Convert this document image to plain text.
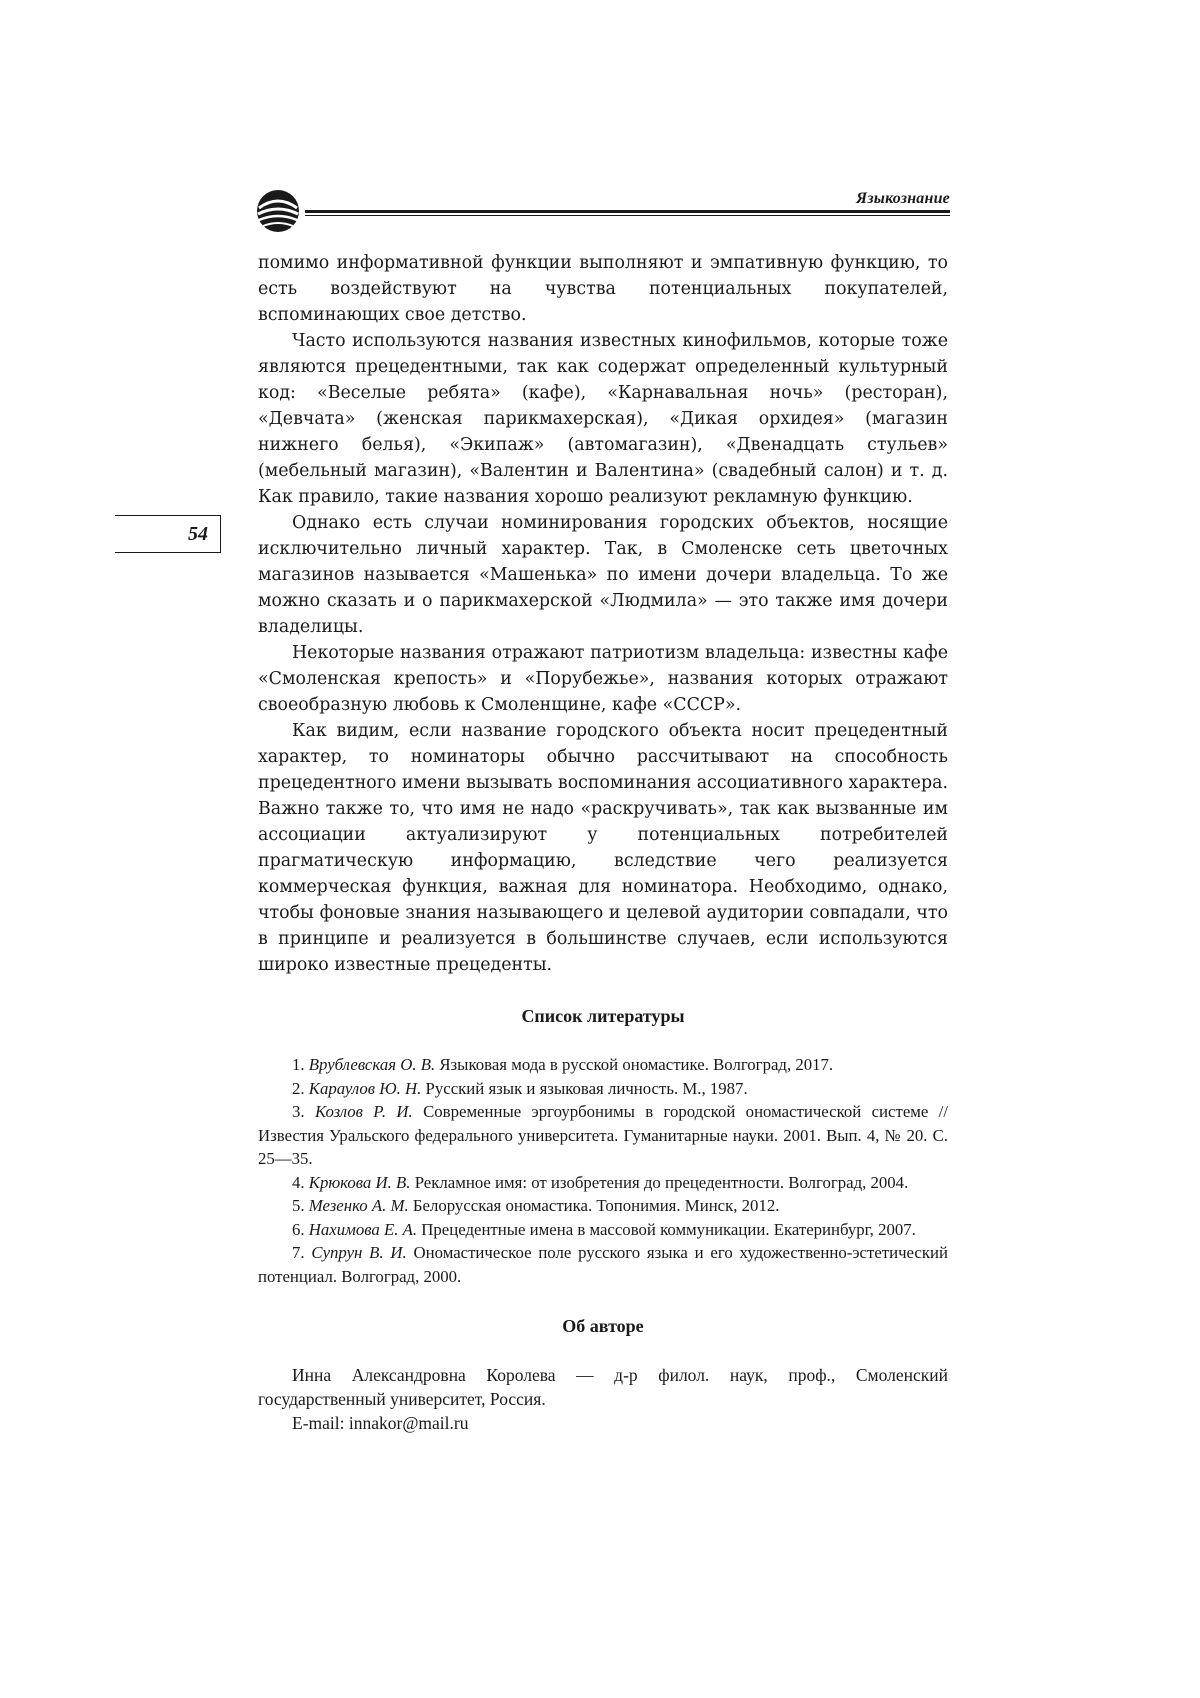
Языкознание
54

помимо информативной функции выполняют и эмпативную функцию, то есть воздействуют на чувства потенциальных покупателей, вспоминающих свое детство.

Часто используются названия известных кинофильмов, которые тоже являются прецедентными, так как содержат определенный культурный код: «Веселые ребята» (кафе), «Карнавальная ночь» (ресторан), «Девчата» (женская парикмахерская), «Дикая орхидея» (магазин нижнего белья), «Экипаж» (автомагазин), «Двенадцать стульев» (мебельный магазин), «Валентин и Валентина» (свадебный салон) и т. д. Как правило, такие названия хорошо реализуют рекламную функцию.

Однако есть случаи номинирования городских объектов, носящие исключительно личный характер. Так, в Смоленске сеть цветочных магазинов называется «Машенька» по имени дочери владельца. То же можно сказать и о парикмахерской «Людмила» — это также имя дочери владелицы.

Некоторые названия отражают патриотизм владельца: известны кафе «Смоленская крепость» и «Порубежье», названия которых отражают своеобразную любовь к Смоленщине, кафе «СССР».

Как видим, если название городского объекта носит прецедентный характер, то номинаторы обычно рассчитывают на способность прецедентного имени вызывать воспоминания ассоциативного характера. Важно также то, что имя не надо «раскручивать», так как вызванные им ассоциации актуализируют у потенциальных потребителей прагматическую информацию, вследствие чего реализуется коммерческая функция, важная для номинатора. Необходимо, однако, чтобы фоновые знания называющего и целевой аудитории совпадали, что в принципе и реализуется в большинстве случаев, если используются широко известные прецеденты.

Список литературы

1. Врублевская О. В. Языковая мода в русской ономастике. Волгоград, 2017.

2. Караулов Ю. Н. Русский язык и языковая личность. М., 1987.

3. Козлов Р. И. Современные эргоурбонимы в городской ономастической системе // Известия Уральского федерального университета. Гуманитарные науки. 2001. Вып. 4, № 20. С. 25—35.

4. Крюкова И. В. Рекламное имя: от изобретения до прецедентности. Волгоград, 2004.

5. Мезенко А. М. Белорусская ономастика. Топонимия. Минск, 2012.

6. Нахимова Е. А. Прецедентные имена в массовой коммуникации. Екатеринбург, 2007.

7. Супрун В. И. Ономастическое поле русского языка и его художественно-эстетический потенциал. Волгоград, 2000.

Об авторе

Инна Александровна Королева — д-р филол. наук, проф., Смоленский государственный университет, Россия.

E-mail: innakor@mail.ru
